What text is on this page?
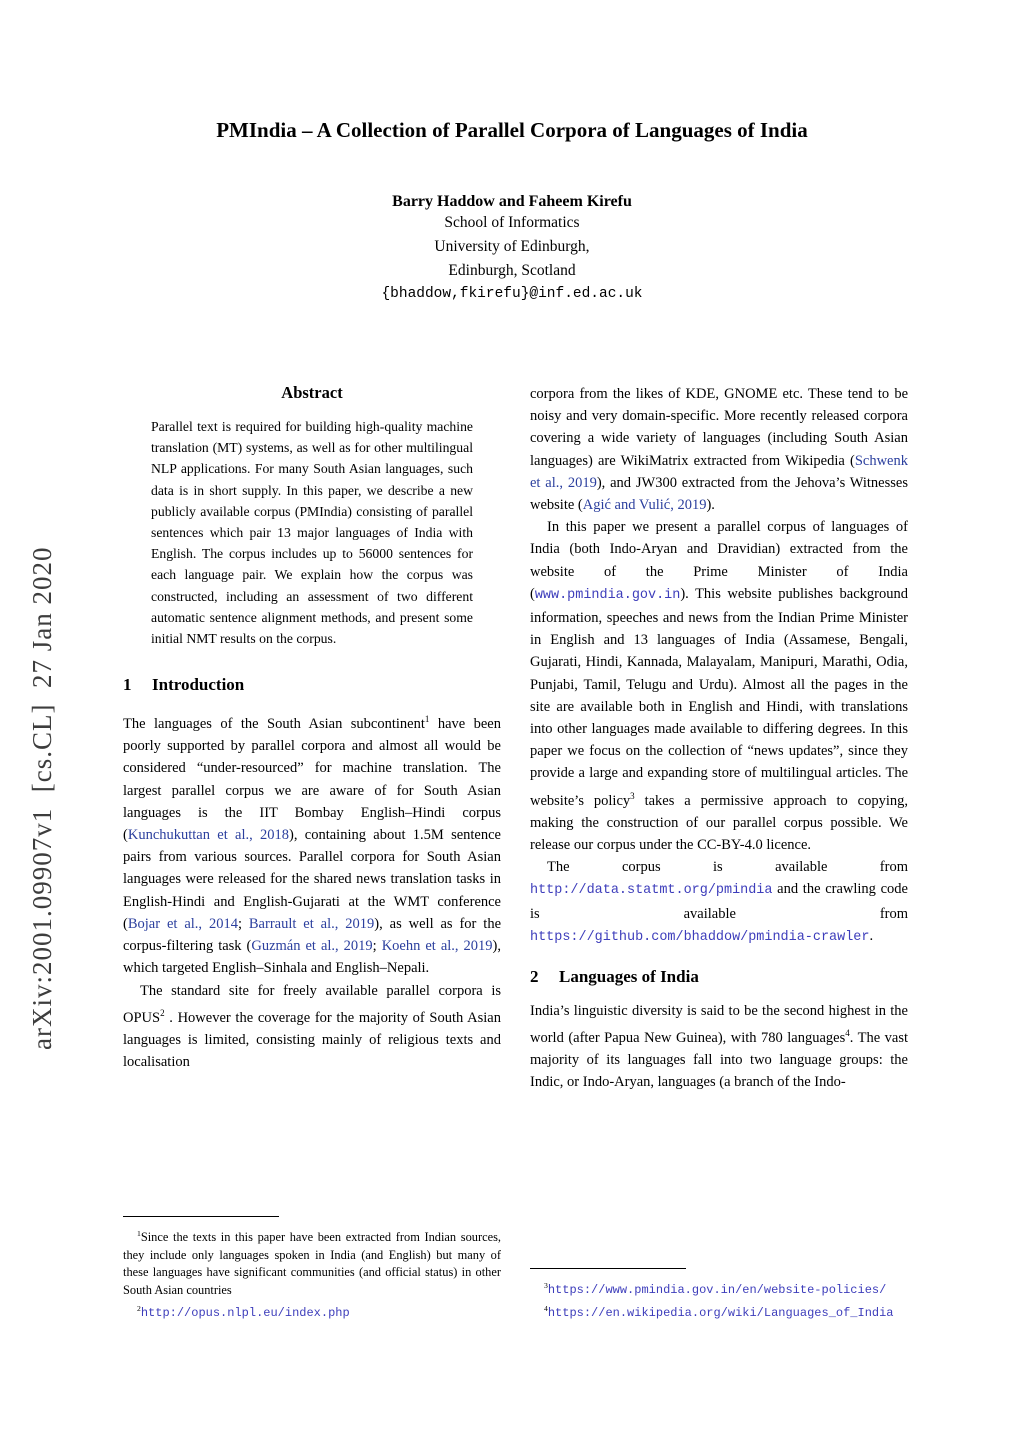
arXiv:2001.09907v1  [cs.CL]  27 Jan 2020
PMIndia – A Collection of Parallel Corpora of Languages of India
Barry Haddow and Faheem Kirefu
School of Informatics
University of Edinburgh,
Edinburgh, Scotland
{bhaddow,fkirefu}@inf.ed.ac.uk
Abstract
Parallel text is required for building high-quality machine translation (MT) systems, as well as for other multilingual NLP applications. For many South Asian languages, such data is in short supply. In this paper, we describe a new publicly available corpus (PMIndia) consisting of parallel sentences which pair 13 major languages of India with English. The corpus includes up to 56000 sentences for each language pair. We explain how the corpus was constructed, including an assessment of two different automatic sentence alignment methods, and present some initial NMT results on the corpus.
1 Introduction

The languages of the South Asian subcontinent$^1$ have been poorly supported by parallel corpora and almost all would be considered “under-resourced” for machine translation. The largest parallel corpus we are aware of for South Asian languages is the IIT Bombay English–Hindi corpus (Kunchukuttan et al., 2018), containing about 1.5M sentence pairs from various sources. Parallel corpora for South Asian languages were released for the shared news translation tasks in English-Hindi and English-Gujarati at the WMT conference (Bojar et al., 2014; Barrault et al., 2019), as well as for the corpus-filtering task (Guzmán et al., 2019; Koehn et al., 2019), which targeted English–Sinhala and English–Nepali.

The standard site for freely available parallel corpora is OPUS$^2$ . However the coverage for the majority of South Asian languages is limited, consisting mainly of religious texts and localisation

$^1$Since the texts in this paper have been extracted from Indian sources, they include only languages spoken in India (and English) but many of these languages have significant communities (and official status) in other South Asian countries
$^2$http://opus.nlpl.eu/index.php

corpora from the likes of KDE, GNOME etc. These tend to be noisy and very domain-specific. More recently released corpora covering a wide variety of languages (including South Asian languages) are WikiMatrix extracted from Wikipedia (Schwenk et al., 2019), and JW300 extracted from the Jehova’s Witnesses website (Agić and Vulić, 2019).

In this paper we present a parallel corpus of languages of India (both Indo-Aryan and Dravidian) extracted from the website of the Prime Minister of India (www.pmindia.gov.in). This website publishes background information, speeches and news from the Indian Prime Minister in English and 13 languages of India (Assamese, Bengali, Gujarati, Hindi, Kannada, Malayalam, Manipuri, Marathi, Odia, Punjabi, Tamil, Telugu and Urdu). Almost all the pages in the site are available both in English and Hindi, with translations into other languages made available to differing degrees. In this paper we focus on the collection of “news updates”, since they provide a large and expanding store of multilingual articles. The website’s policy$^3$ takes a permissive approach to copying, making the construction of our parallel corpus possible. We release our corpus under the CC-BY-4.0 licence.

The corpus is available from http://data.statmt.org/pmindia and the crawling code is available from https://github.com/bhaddow/pmindia-crawler.

2 Languages of India

India’s linguistic diversity is said to be the second highest in the world (after Papua New Guinea), with 780 languages$^4$. The vast majority of its languages fall into two language groups: the Indic, or Indo-Aryan, languages (a branch of the Indo-

$^3$https://www.pmindia.gov.in/en/website-policies/
$^4$https://en.wikipedia.org/wiki/Languages_of_India
